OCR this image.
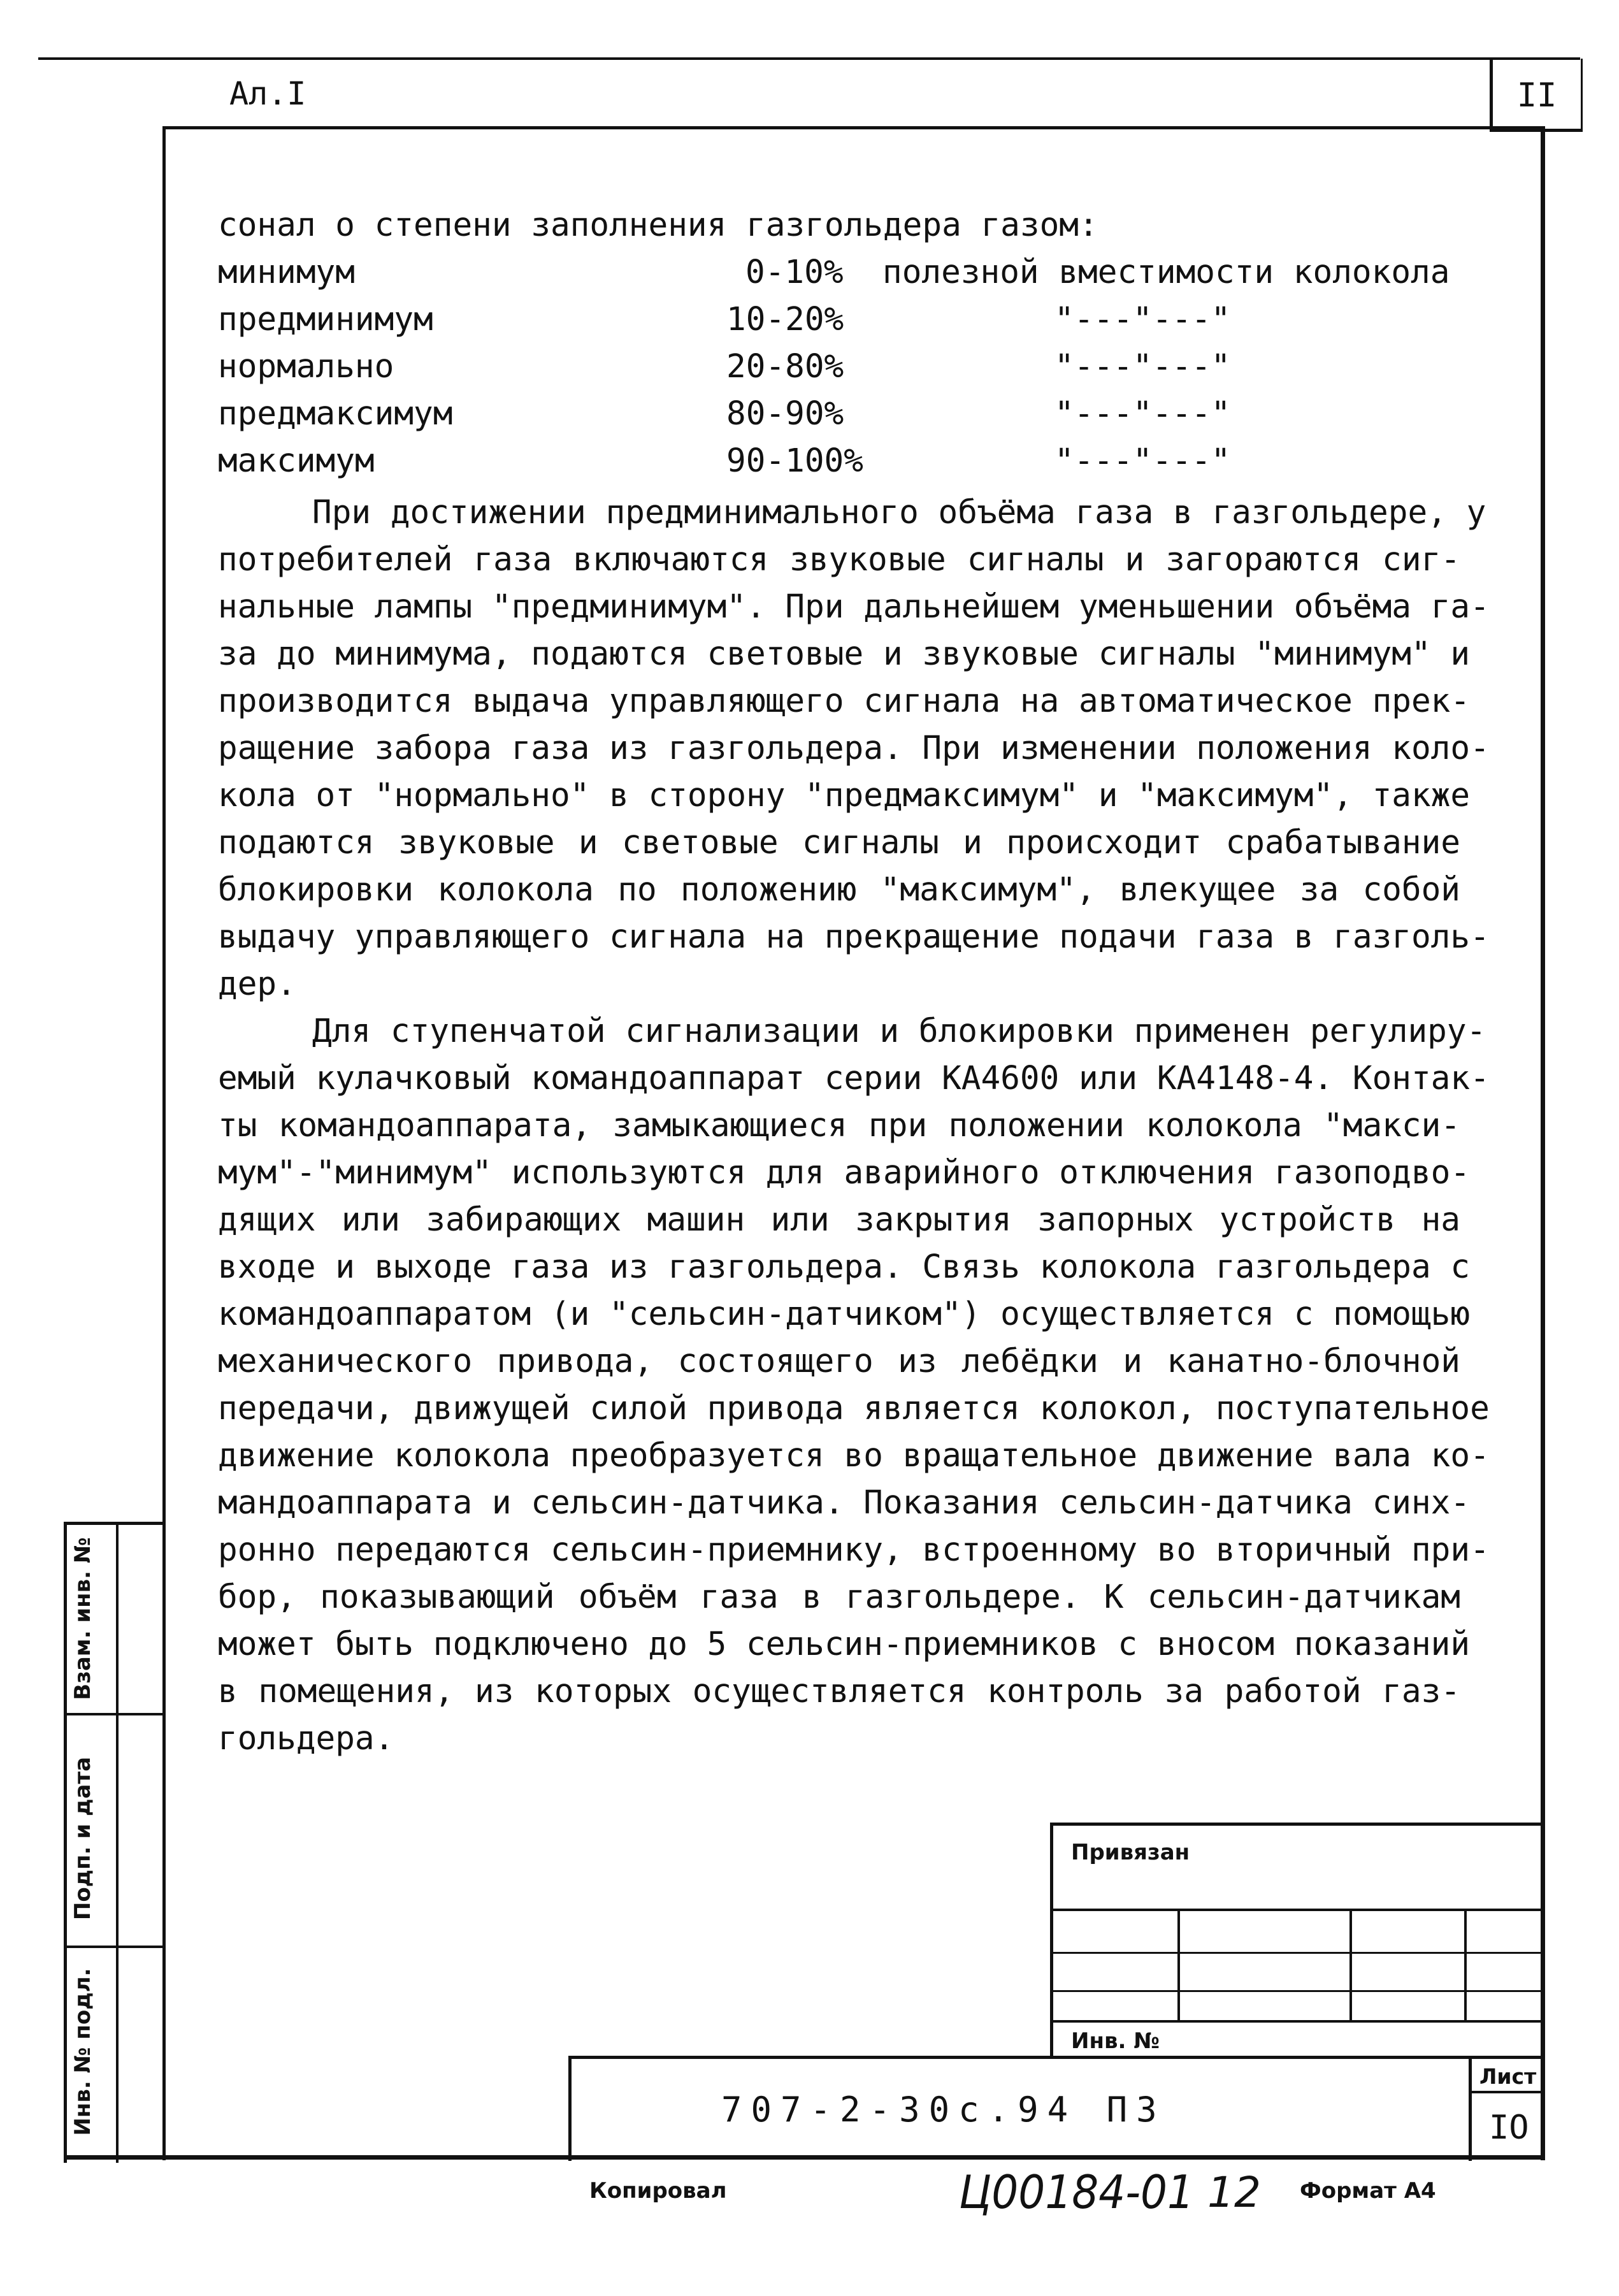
Ал.I	II
сонал о степени заполнения газгольдера газом:
минимум	0-10% полезной вместимости колокола
предминимум	10-20%	"---"---"
нормально	20-80%	"---"---"
предмаксимум	80-90%	"---"---"
максимум	90-100%	"---"---"
При достижении предминимального объёма газа в газгольдере, у
потребителей газа включаются звуковые сигналы и загораются сиг-
нальные лампы "предминимум". При дальнейшем уменьшении объёма га-
за до минимума, подаются световые и звуковые сигналы "минимум" и
производится выдача управляющего сигнала на автоматическое прек-
ращение забора газа из газгольдера. При изменении положения коло-
кола от "нормально" в сторону "предмаксимум" и "максимум", также
подаются звуковые и световые сигналы и происходит срабатывание
блокировки колокола по положению "максимум", влекущее за собой
выдачу управляющего сигнала на прекращение подачи газа в газголь-
дер.
Для ступенчатой сигнализации и блокировки применен регулиру-
емый кулачковый командоаппарат серии КА4600 или КА4148-4. Контак-
ты командоаппарата, замыкающиеся при положении колокола "макси-
мум"-"минимум" используются для аварийного отключения газоподво-
дящих или забирающих машин или закрытия запорных устройств на
входе и выходе газа из газгольдера. Связь колокола газгольдера с
командоаппаратом (и "сельсин-датчиком") осуществляется с помощью
механического привода, состоящего из лебёдки и канатно-блочной
передачи, движущей силой привода является колокол, поступательное
движение колокола преобразуется во вращательное движение вала ко-
мандоаппарата и сельсин-датчика. Показания сельсин-датчика синх-
ронно передаются сельсин-приемнику, встроенному во вторичный при-
бор, показывающий объём газа в газгольдере. К сельсин-датчикам
может быть подключено до 5 сельсин-приемников с вносом показаний
в помещения, из которых осуществляется контроль за работой газ-
гольдера.
Взам. инв. №
Подп. и дата
Инв. № подл.
Привязан
Инв. №
707-2-30с.94 ПЗ
Лист
IO
Копировал	Ц00184-01 12 Формат А4
